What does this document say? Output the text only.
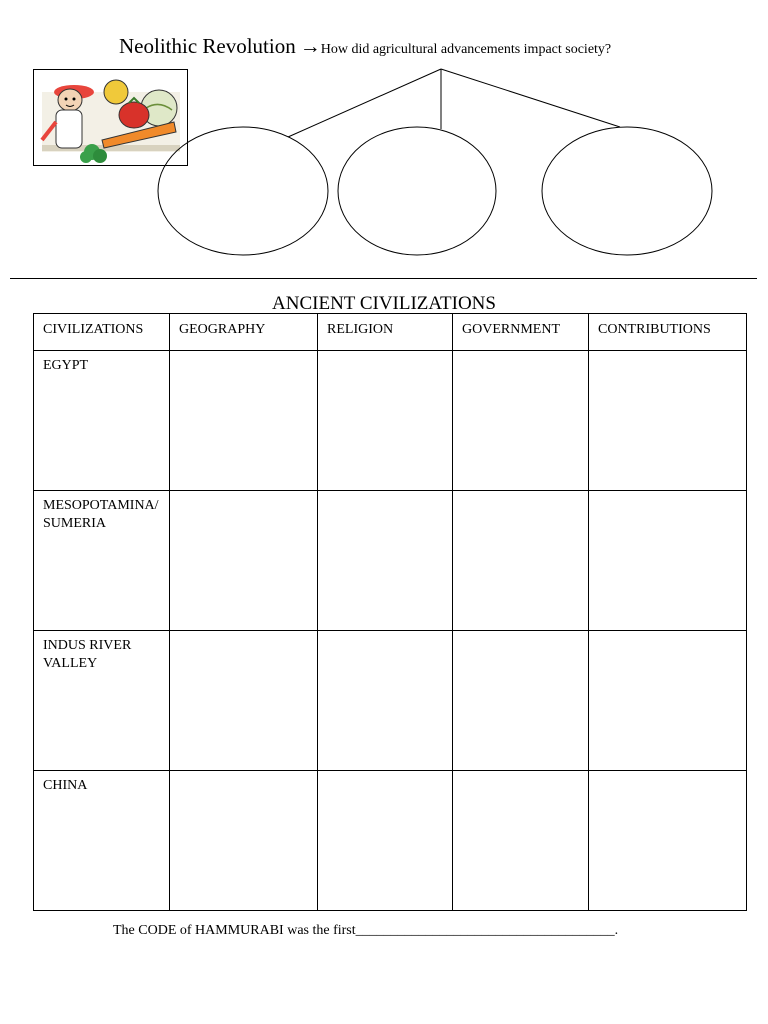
Neolithic Revolution →How did agricultural advancements impact society?
ANCIENT CIVILIZATIONS
CIVILIZATIONS	GEOGRAPHY	RELIGION	GOVERNMENT	CONTRIBUTIONS

EGYPT				

MESOPOTAMINA/
SUMERIA				

INDUS RIVER
VALLEY				

CHINA				

The CODE of HAMMURABI was the first_____________________________________.
